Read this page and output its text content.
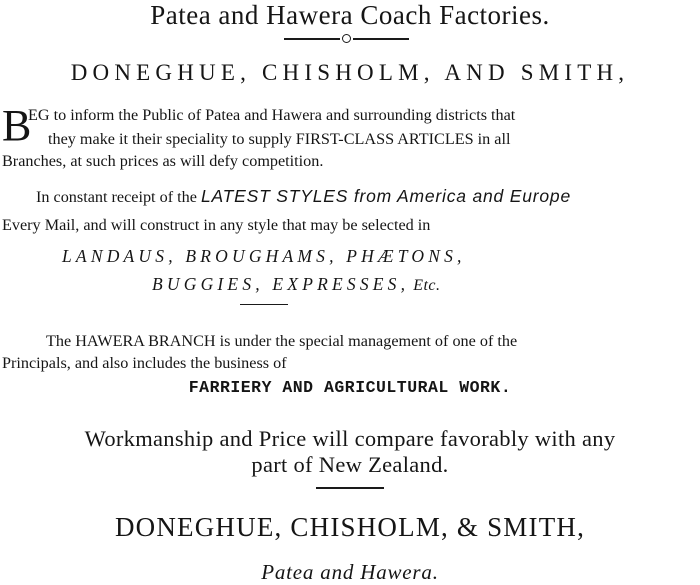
Patea and Hawera Coach Factories.
DONEGHUE, CHISHOLM, AND SMITH,
B
EG to inform the Public of Patea and Hawera and surrounding districts that
they make it their speciality to supply FIRST-CLASS ARTICLES in all
Branches, at such prices as will defy competition.
In constant receipt of the LATEST STYLES from America and Europe
Every Mail, and will construct in any style that may be selected in
LANDAUS, BROUGHAMS, PHÆTONS,
BUGGIES, EXPRESSES, Etc.
The HAWERA BRANCH is under the special management of one of the
Principals, and also includes the business of
FARRIERY AND AGRICULTURAL WORK.
Workmanship and Price will compare favorably with any
part of New Zealand.
DONEGHUE, CHISHOLM, & SMITH,
Patea and Hawera.
